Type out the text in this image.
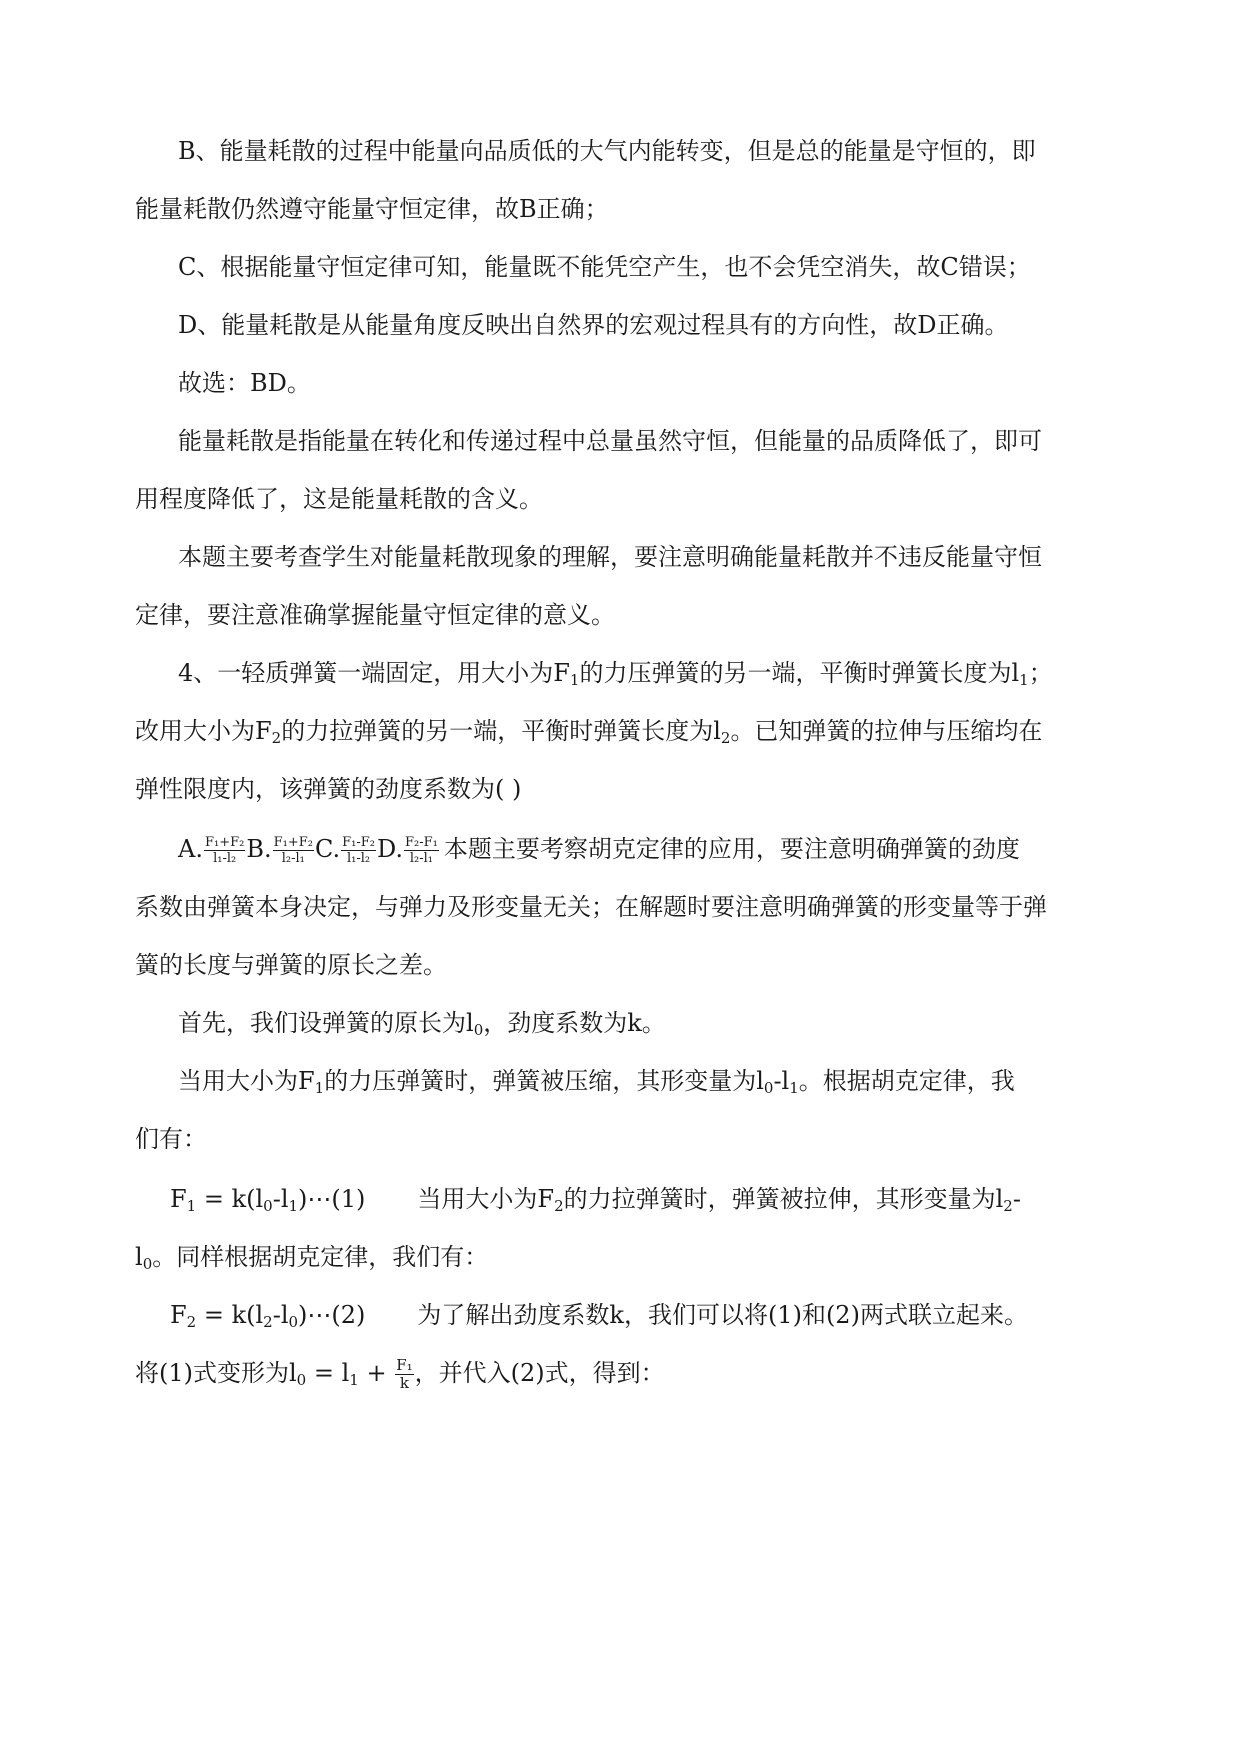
B、能量耗散的过程中能量向品质低的大气内能转变，但是总的能量是守恒的，即
能量耗散仍然遵守能量守恒定律，故B正确；
C、根据能量守恒定律可知，能量既不能凭空产生，也不会凭空消失，故C错误；
D、能量耗散是从能量角度反映出自然界的宏观过程具有的方向性，故D正确。
故选：BD。
能量耗散是指能量在转化和传递过程中总量虽然守恒，但能量的品质降低了，即可
用程度降低了，这是能量耗散的含义。
本题主要考查学生对能量耗散现象的理解，要注意明确能量耗散并不违反能量守恒
定律，要注意准确掌握能量守恒定律的意义。
4、一轻质弹簧一端固定，用大小为$F_1$的力压弹簧的另一端，平衡时弹簧长度为$l_1$；
改用大小为$F_2$的力拉弹簧的另一端，平衡时弹簧长度为$l_2$。已知弹簧的拉伸与压缩均在
弹性限度内，该弹簧的劲度系数为( )
A. $\frac{\text{F₁+F₂}}{\text{l₁-l₂}} B$. $\frac{\text{F₁+F₂}}{\text{l₂-l₁}} C$. $\frac{\text{F₁-F₂}}{\text{l₁-l₂}} D$. $\frac{\text{F₂-F₁}}{\text{l₂-l₁}}$ 本题主要考察胡克定律的应用，要注意明确弹簧的劲度
系数由弹簧本身决定，与弹力及形变量无关；在解题时要注意明确弹簧的形变量等于弹
簧的长度与弹簧的原长之差。
首先，我们设弹簧的原长为$l_0$，劲度系数为k。
当用大小为$F_1$的力压弹簧时，弹簧被压缩，其形变量为$l_0-l_1$。根据胡克定律，我
们有：
$F_1$ = $k(l_0-l_1)\cdots(1)$ 当用大小为$F_2$的力拉弹簧时，弹簧被拉伸，其形变量为$l_2-$
$l_0$。同样根据胡克定律，我们有：
$F_2$ = $k(l_2-l_0)\cdots(2)$ 为了解出劲度系数k，我们可以将(1)和(2)两式联立起来。
将(1)式变形为$l_0 = l_1 + \frac{\text{F₁}}{k}$ ，并代入(2)式，得到：
